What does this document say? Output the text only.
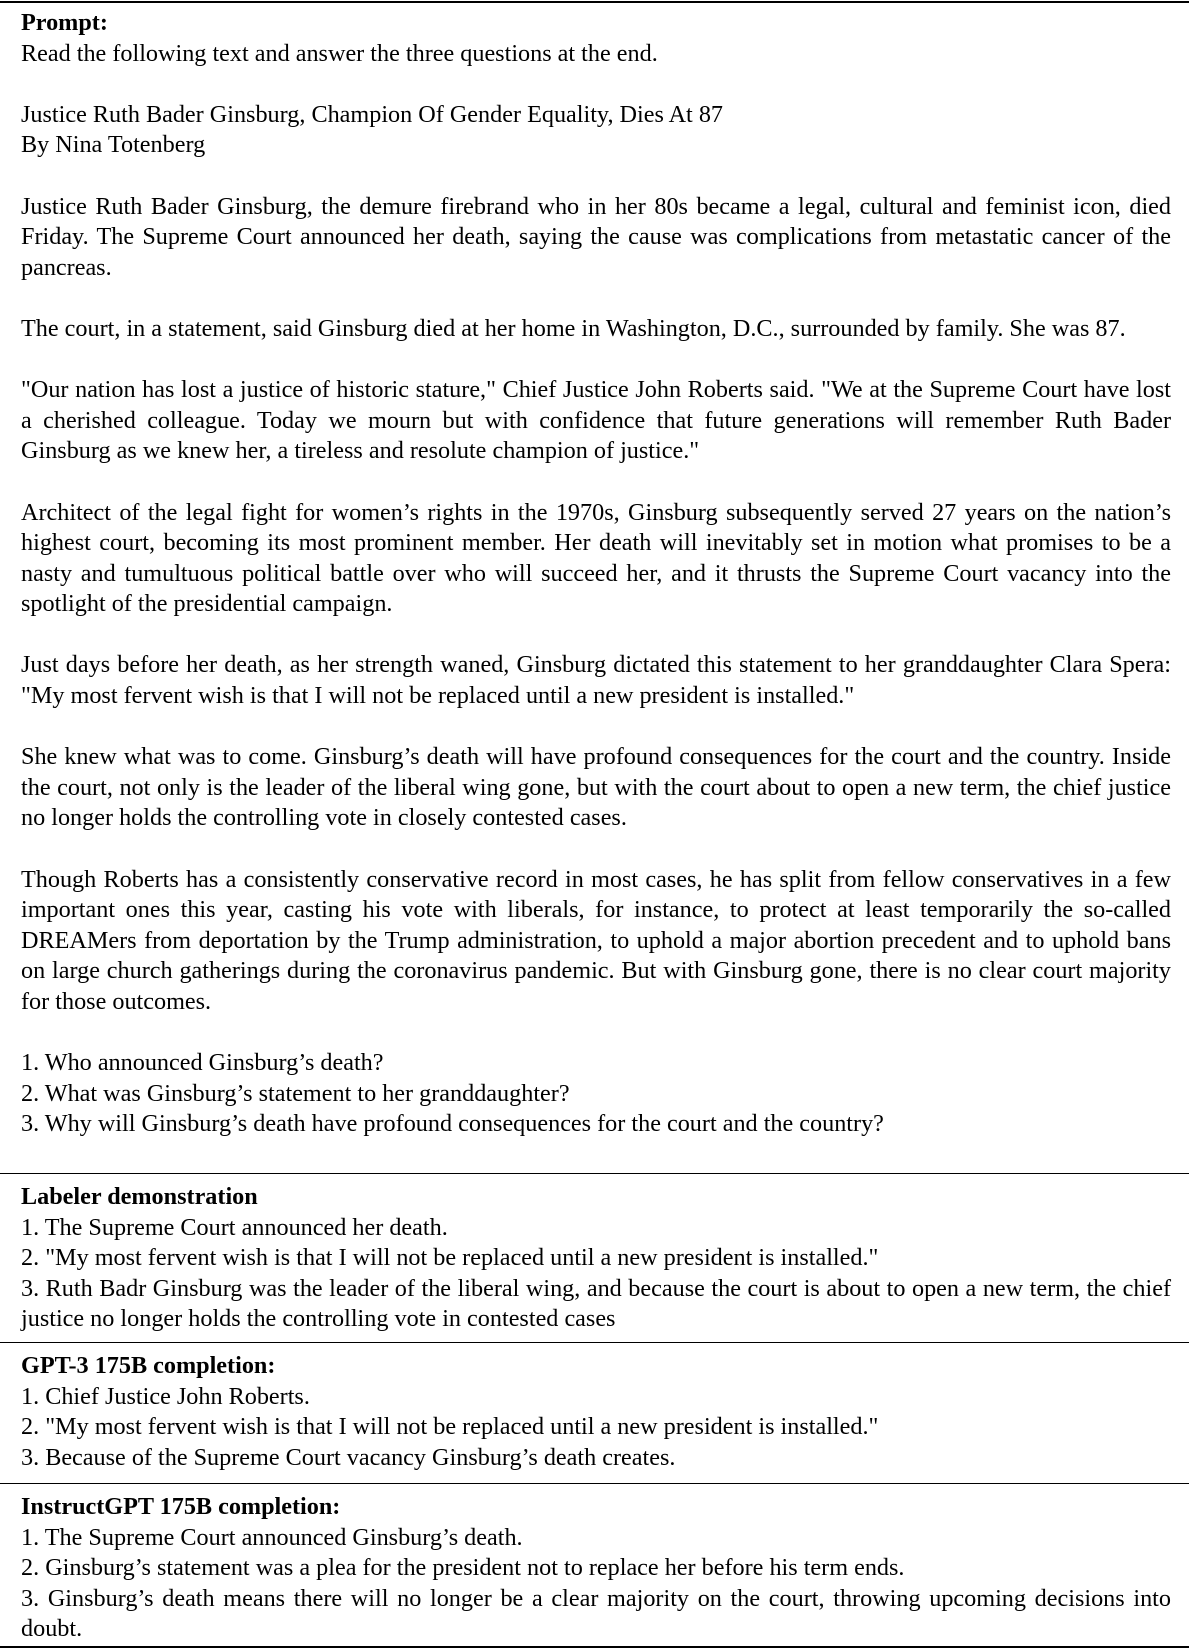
Prompt:

Read the following text and answer the three questions at the end.

Justice Ruth Bader Ginsburg, Champion Of Gender Equality, Dies At 87

By Nina Totenberg

Justice Ruth Bader Ginsburg, the demure firebrand who in her 80s became a legal, cultural and feminist icon, died Friday. The Supreme Court announced her death, saying the cause was complications from metastatic cancer of the pancreas.

The court, in a statement, said Ginsburg died at her home in Washington, D.C., surrounded by family. She was 87.

"Our nation has lost a justice of historic stature," Chief Justice John Roberts said. "We at the Supreme Court have lost a cherished colleague. Today we mourn but with confidence that future generations will remember Ruth Bader Ginsburg as we knew her, a tireless and resolute champion of justice."

Architect of the legal fight for women’s rights in the 1970s, Ginsburg subsequently served 27 years on the nation’s highest court, becoming its most prominent member. Her death will inevitably set in motion what promises to be a nasty and tumultuous political battle over who will succeed her, and it thrusts the Supreme Court vacancy into the spotlight of the presidential campaign.

Just days before her death, as her strength waned, Ginsburg dictated this statement to her granddaughter Clara Spera: "My most fervent wish is that I will not be replaced until a new president is installed."

She knew what was to come. Ginsburg’s death will have profound consequences for the court and the country. Inside the court, not only is the leader of the liberal wing gone, but with the court about to open a new term, the chief justice no longer holds the controlling vote in closely contested cases.

Though Roberts has a consistently conservative record in most cases, he has split from fellow conservatives in a few important ones this year, casting his vote with liberals, for instance, to protect at least temporarily the so-called DREAMers from deportation by the Trump administration, to uphold a major abortion precedent and to uphold bans on large church gatherings during the coronavirus pandemic. But with Ginsburg gone, there is no clear court majority for those outcomes.

1. Who announced Ginsburg’s death?

2. What was Ginsburg’s statement to her granddaughter?

3. Why will Ginsburg’s death have profound consequences for the court and the country?

Labeler demonstration

1. The Supreme Court announced her death.

2. "My most fervent wish is that I will not be replaced until a new president is installed."

3. Ruth Badr Ginsburg was the leader of the liberal wing, and because the court is about to open a new term, the chief justice no longer holds the controlling vote in contested cases

GPT-3 175B completion:

1. Chief Justice John Roberts.

2. "My most fervent wish is that I will not be replaced until a new president is installed."

3. Because of the Supreme Court vacancy Ginsburg’s death creates.

InstructGPT 175B completion:

1. The Supreme Court announced Ginsburg’s death.

2. Ginsburg’s statement was a plea for the president not to replace her before his term ends.

3. Ginsburg’s death means there will no longer be a clear majority on the court, throwing upcoming decisions into doubt.
